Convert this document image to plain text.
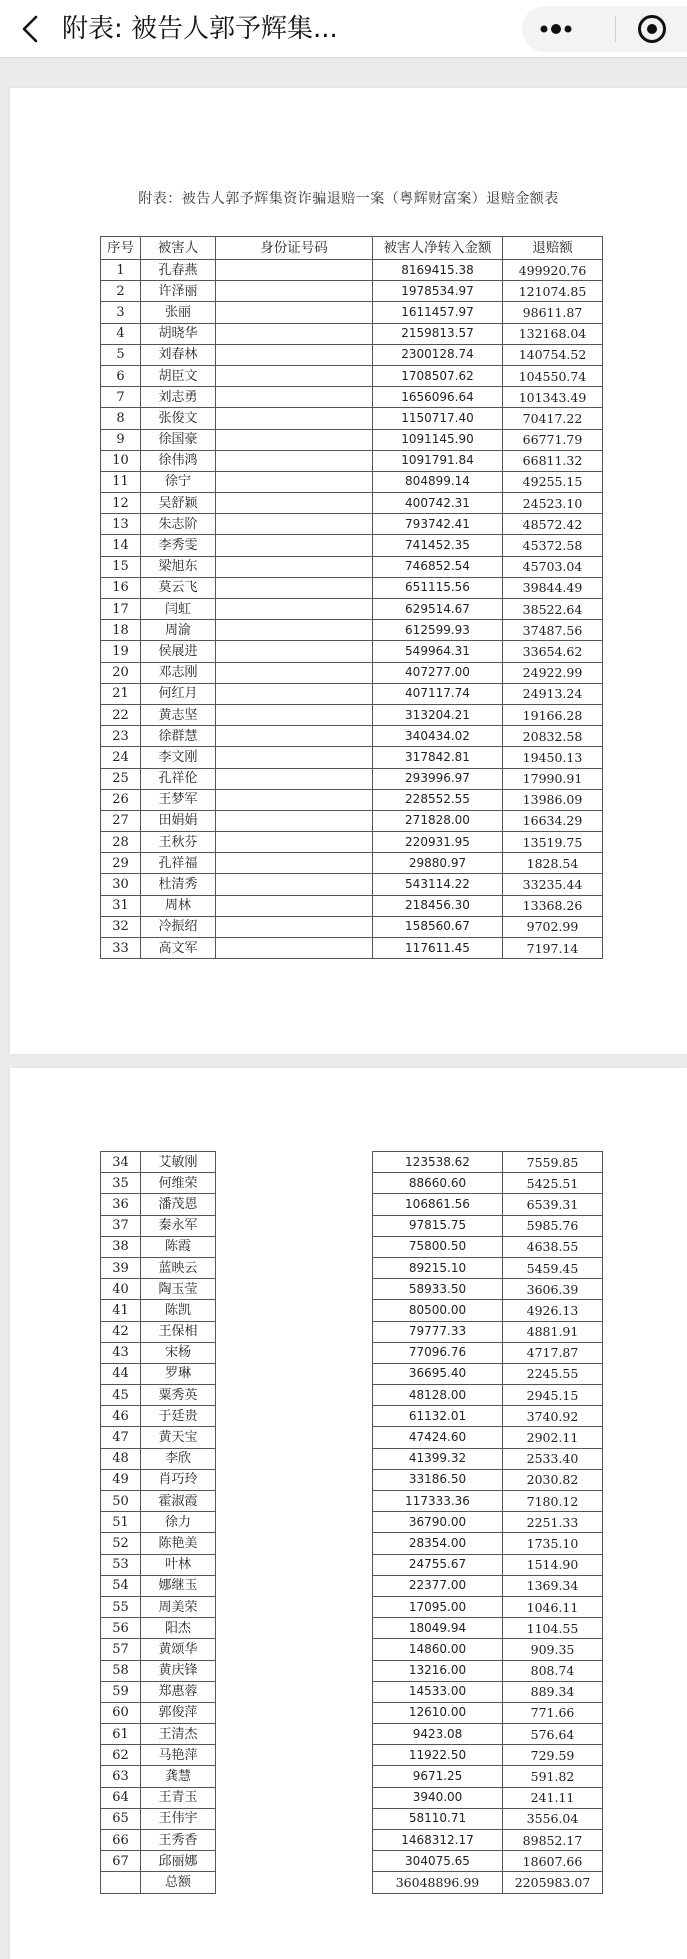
附表: 被告人郭予辉集...
附表：被告人郭予辉集资诈骗退赔一案（粤辉财富案）退赔金额表
序号	被害人	身份证号码	被害人净转入金额	退赔额
1	孔春燕		8169415.38	499920.76
2	许泽丽		1978534.97	121074.85
3	张丽		1611457.97	98611.87
4	胡晓华		2159813.57	132168.04
5	刘春林		2300128.74	140754.52
6	胡臣文		1708507.62	104550.74
7	刘志勇		1656096.64	101343.49
8	张俊文		1150717.40	70417.22
9	徐国豪		1091145.90	66771.79
10	徐伟鸿		1091791.84	66811.32
11	徐宁		804899.14	49255.15
12	吴舒颖		400742.31	24523.10
13	朱志阶		793742.41	48572.42
14	李秀雯		741452.35	45372.58
15	梁旭东		746852.54	45703.04
16	莫云飞		651115.56	39844.49
17	闫虹		629514.67	38522.64
18	周渝		612599.93	37487.56
19	侯展进		549964.31	33654.62
20	邓志刚		407277.00	24922.99
21	何红月		407117.74	24913.24
22	黄志坚		313204.21	19166.28
23	徐群慧		340434.02	20832.58
24	李文刚		317842.81	19450.13
25	孔祥伦		293996.97	17990.91
26	王梦军		228552.55	13986.09
27	田娟娟		271828.00	16634.29
28	王秋芬		220931.95	13519.75
29	孔祥福		29880.97	1828.54
30	杜清秀		543114.22	33235.44
31	周林		218456.30	13368.26
32	冷振绍		158560.67	9702.99
33	高文军		117611.45	7197.14
34	艾敏刚		123538.62	7559.85
35	何维荣		88660.60	5425.51
36	潘茂恩		106861.56	6539.31
37	秦永军		97815.75	5985.76
38	陈霞		75800.50	4638.55
39	蓝映云		89215.10	5459.45
40	陶玉莹		58933.50	3606.39
41	陈凯		80500.00	4926.13
42	王保相		79777.33	4881.91
43	宋杨		77096.76	4717.87
44	罗琳		36695.40	2245.55
45	粟秀英		48128.00	2945.15
46	于廷贵		61132.01	3740.92
47	黄天宝		47424.60	2902.11
48	李欣		41399.32	2533.40
49	肖巧玲		33186.50	2030.82
50	霍淑霞		117333.36	7180.12
51	徐力		36790.00	2251.33
52	陈艳美		28354.00	1735.10
53	叶林		24755.67	1514.90
54	娜继玉		22377.00	1369.34
55	周美荣		17095.00	1046.11
56	阳杰		18049.94	1104.55
57	黄颂华		14860.00	909.35
58	黄庆锋		13216.00	808.74
59	郑惠蓉		14533.00	889.34
60	郭俊萍		12610.00	771.66
61	王清杰		9423.08	576.64
62	马艳萍		11922.50	729.59
63	龚慧		9671.25	591.82
64	王青玉		3940.00	241.11
65	王伟宇		58110.71	3556.04
66	王秀香		1468312.17	89852.17
67	邱丽娜		304075.65	18607.66
	总额		36048896.99	2205983.07
